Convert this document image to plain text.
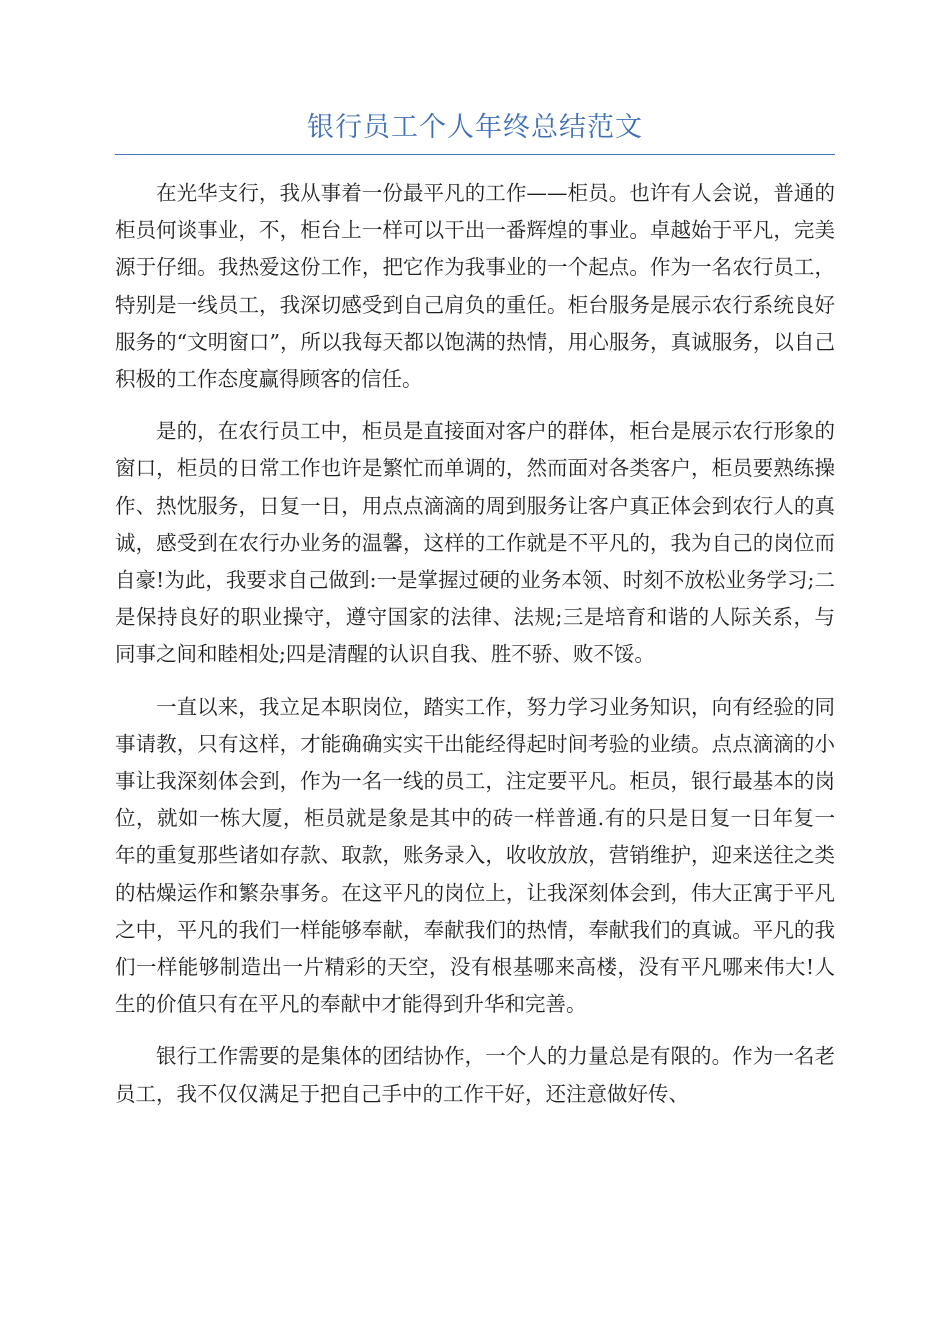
银行员工个人年终总结范文

在光华支行，我从事着一份最平凡的工作——柜员。也许有人会说，普通的柜员何谈事业，不，柜台上一样可以干出一番辉煌的事业。卓越始于平凡，完美源于仔细。我热爱这份工作，把它作为我事业的一个起点。作为一名农行员工，特别是一线员工，我深切感受到自己肩负的重任。柜台服务是展示农行系统良好服务的“文明窗口”，所以我每天都以饱满的热情，用心服务，真诚服务，以自己积极的工作态度赢得顾客的信任。

是的，在农行员工中，柜员是直接面对客户的群体，柜台是展示农行形象的窗口，柜员的日常工作也许是繁忙而单调的，然而面对各类客户，柜员要熟练操作、热忱服务，日复一日，用点点滴滴的周到服务让客户真正体会到农行人的真诚，感受到在农行办业务的温馨，这样的工作就是不平凡的，我为自己的岗位而自豪!为此，我要求自己做到:一是掌握过硬的业务本领、时刻不放松业务学习;二是保持良好的职业操守，遵守国家的法律、法规;三是培育和谐的人际关系，与同事之间和睦相处;四是清醒的认识自我、胜不骄、败不馁。

一直以来，我立足本职岗位，踏实工作，努力学习业务知识，向有经验的同事请教，只有这样，才能确确实实干出能经得起时间考验的业绩。点点滴滴的小事让我深刻体会到，作为一名一线的员工，注定要平凡。柜员，银行最基本的岗位，就如一栋大厦，柜员就是象是其中的砖一样普通.有的只是日复一日年复一年的重复那些诸如存款、取款，账务录入，收收放放，营销维护，迎来送往之类的枯燥运作和繁杂事务。在这平凡的岗位上，让我深刻体会到，伟大正寓于平凡之中，平凡的我们一样能够奉献，奉献我们的热情，奉献我们的真诚。平凡的我们一样能够制造出一片精彩的天空，没有根基哪来高楼，没有平凡哪来伟大!人生的价值只有在平凡的奉献中才能得到升华和完善。

银行工作需要的是集体的团结协作，一个人的力量总是有限的。作为一名老员工，我不仅仅满足于把自己手中的工作干好，还注意做好传、
